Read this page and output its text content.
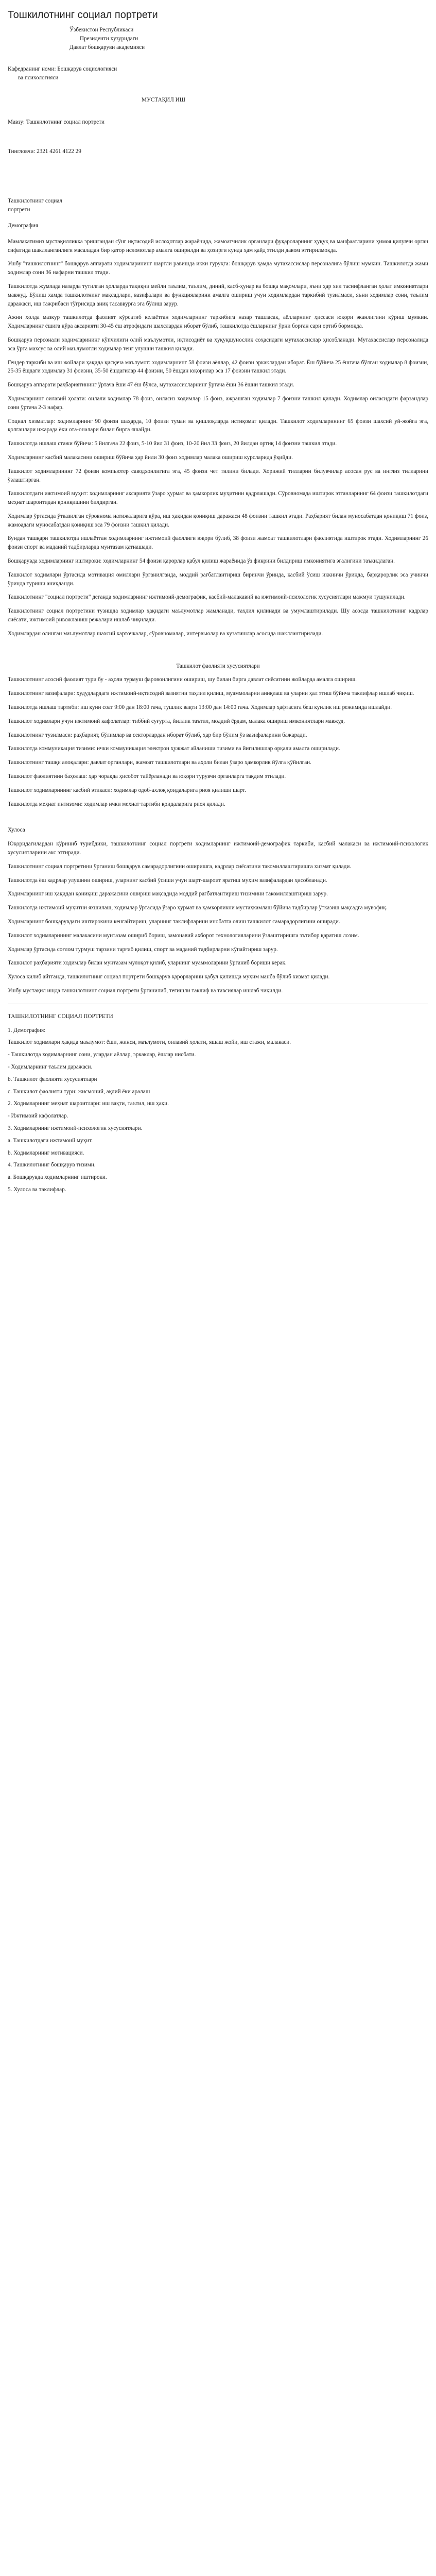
Тошкилотнинг социал портрети

Ўзбекистон Республикаси

Президенти ҳузуридаги

Давлат бошқаруви академияси

Кафедранинг номи: Бошқарув социологияси

ва психологияси

МУСТАҚИЛ ИШ

Мавзу: Ташкилотнинг социал портрети

Тингловчи: 2321 4261 4122 29

Ташкилотнинг социал

портрети

Демография

Мамлакатимиз мустақилликка эришгандан сўнг иқтисодий ислоҳотлар жараёнида, жамоатчилик органлари фуқароларнинг ҳуқуқ ва манфаатларини ҳимоя қилувчи орган сифатида шаклланганлиги масаладан бир қатор исломотлар амалга оширилди ва ҳозирги кунда ҳам қайд этилди давом эттирилмоқда.

Ушбу "ташкилотнинг" бошқарув аппарати ходимларининг шартли равишда икки гуруҳга: бошқарув ҳамда мутахассислар персоналига бўлиш мумкин. Ташкилотда жами ходимлар сони 36 нафарни ташкил этади.

Ташкилотда жумлада назарда тутилган ҳолларда тақиқни мейли таълим, таълим, диний, касб-ҳунар ва бошқа мақомлари, яъни ҳар хил таснифланган ҳолат имкониятлари мавжуд. Бўлиш хамда ташкилотнинг мақсадлари, вазифалари ва функцияларини амалга ошириш учун ходимлардан таркибий тузилмаси, яъни ходимлар сони, таълим даражаси, иш тажрибаси тўғрисида аниқ тасаввурга эга бўлиш зарур.

Ажни ҳолда мазкур ташкилотда фаолият кўрсатиб келаётган ходимларнинг таркибига назар ташласак, аёлларнинг ҳиссаси юқори эканлигини кўриш мумкин. Ходимларнинг ёшига кўра аксарияти 30-45 ёш атрофидаги шахслардан иборат бўлиб, ташкилотда ёшларнинг ўрни борган сари ортиб бормоқда.

Бошқарув персонали ходимларининг кўпчилиги олий маълумотли, иқтисодиёт ва ҳуқуқшунослик соҳасидаги мутахассислар ҳисобланади. Мутахассислар персоналида эса ўрта махсус ва олий маълумотли ходимлар тенг улушни ташкил қилади.

Гендер таркиби ва иш жойлари ҳақида қисқача маълумот: ходимларнинг 58 фоизи аёллар, 42 фоизи эркаклардан иборат. Ёш бўйича 25 ёшгача бўлган ходимлар 8 фоизни, 25-35 ёшдаги ходимлар 31 фоизни, 35-50 ёшдагилар 44 фоизни, 50 ёшдан юқорилар эса 17 фоизни ташкил этади.

Бошқарув аппарати раҳбариятининг ўртача ёши 47 ёш бўлса, мутахассисларнинг ўртача ёши 36 ёшни ташкил этади.

Ходимларнинг оилавий ҳолати: оилали ходимлар 78 фоиз, оиласиз ходимлар 15 фоиз, ажрашган ходимлар 7 фоизни ташкил қилади. Ходимлар оиласидаги фарзандлар сони ўртача 2-3 нафар.

Социал хизматлар: ходимларнинг 90 фоизи шаҳарда, 10 фоизи туман ва қишлоқларда истиқомат қилади. Ташкилот ходимларининг 65 фоизи шахсий уй-жойга эга, қолганлари ижарада ёки ота-оналари билан бирга яшайди.

Ташкилотда ишлаш стажи бўйича: 5 йилгача 22 фоиз, 5-10 йил 31 фоиз, 10-20 йил 33 фоиз, 20 йилдан ортиқ 14 фоизни ташкил этади.

Ходимларнинг касбий малакасини ошириш бўйича ҳар йили 30 фоиз ходимлар малака ошириш курсларида ўқийди.

Ташкилот ходимларининг 72 фоизи компьютер саводхонлигига эга, 45 фоизи чет тилини билади. Хорижий тилларни билувчилар асосан рус ва инглиз тилларини ўзлаштирган.

Ташкилотдаги ижтимоий муҳит: ходимларнинг аксарияти ўзаро ҳурмат ва ҳамкорлик муҳитини қадрлашади. Сўровномада иштирок этганларнинг 64 фоизи ташкилотдаги меҳнат шароитидан қониқишини билдирган.

Ходимлар ўртасида ўтказилган сўровнома натижаларига кўра, иш ҳақидан қониқиш даражаси 48 фоизни ташкил этади. Раҳбарият билан муносабатдан қониқиш 71 фоиз, жамоадаги муносабатдан қониқиш эса 79 фоизни ташкил қилади.

Бундан ташқари ташкилотда ишлаётган ходимларнинг ижтимоий фаоллиги юқори бўлиб, 38 фоизи жамоат ташкилотлари фаолиятида иштирок этади. Ходимларнинг 26 фоизи спорт ва маданий тадбирларда мунтазам қатнашади.

Бошқарувда ходимларнинг иштироки: ходимларнинг 54 фоизи қарорлар қабул қилиш жараёнида ўз фикрини билдириш имкониятига эгалигини таъкидлаган.

Ташкилот ходимлари ўртасида мотивация омиллари ўрганилганда, моддий рағбатлантириш биринчи ўринда, касбий ўсиш иккинчи ўринда, барқарорлик эса учинчи ўринда туриши аниқланди.

Ташкилотнинг "социал портрети" деганда ходимларнинг ижтимоий-демографик, касбий-малакавий ва ижтимоий-психологик хусусиятлари мажмуи тушунилади.

Ташкилотнинг социал портретини тузишда ходимлар ҳақидаги маълумотлар жамланади, таҳлил қилинади ва умумлаштирилади. Шу асосда ташкилотнинг кадрлар сиёсати, ижтимоий ривожланиш режалари ишлаб чиқилади.

Ходимлардан олинган маълумотлар шахсий карточкалар, сўровномалар, интервьюлар ва кузатишлар асосида шакллантирилади.

Ташкилот фаолияти хусусиятлари

Ташкилотнинг асосий фаолият тури бу - аҳоли турмуш фаровонлигини ошириш, шу билан бирга давлат сиёсатини жойларда амалга ошириш.

Ташкилотнинг вазифалари: ҳудудлардаги ижтимоий-иқтисодий вазиятни таҳлил қилиш, муаммоларни аниқлаш ва уларни ҳал этиш бўйича таклифлар ишлаб чиқиш.

Ташкилотда ишлаш тартиби: иш куни соат 9:00 дан 18:00 гача, тушлик вақти 13:00 дан 14:00 гача. Ходимлар ҳафтасига беш кунлик иш режимида ишлайди.

Ташкилот ходимлари учун ижтимоий кафолатлар: тиббий суғурта, йиллик таътил, моддий ёрдам, малака ошириш имкониятлари мавжуд.

Ташкилотнинг тузилмаси: раҳбарият, бўлимлар ва секторлардан иборат бўлиб, ҳар бир бўлим ўз вазифаларини бажаради.

Ташкилотда коммуникация тизими: ички коммуникация электрон ҳужжат айланиши тизими ва йиғилишлар орқали амалга оширилади.

Ташкилотнинг ташқи алоқалари: давлат органлари, жамоат ташкилотлари ва аҳоли билан ўзаро ҳамкорлик йўлга қўйилган.

Ташкилот фаолиятини баҳолаш: ҳар чоракда ҳисобот тайёрланади ва юқори турувчи органларга тақдим этилади.

Ташкилот ходимларининг касбий этикаси: ходимлар одоб-ахлоқ қоидаларига риоя қилиши шарт.

Ташкилотда меҳнат интизоми: ходимлар ички меҳнат тартиби қоидаларига риоя қилади.

Хулоса

Юқоридагилардан кўриниб турибдики, ташкилотнинг социал портрети ходимларнинг ижтимоий-демографик таркиби, касбий малакаси ва ижтимоий-психологик хусусиятларини акс эттиради.

Ташкилотнинг социал портретини ўрганиш бошқарув самарадорлигини оширишга, кадрлар сиёсатини такомиллаштиришга хизмат қилади.

Ташкилотда ёш кадрлар улушини ошириш, уларнинг касбий ўсиши учун шарт-шароит яратиш муҳим вазифалардан ҳисобланади.

Ходимларнинг иш ҳақидан қониқиш даражасини ошириш мақсадида моддий рағбатлантириш тизимини такомиллаштириш зарур.

Ташкилотда ижтимоий муҳитни яхшилаш, ходимлар ўртасида ўзаро ҳурмат ва ҳамкорликни мустаҳкамлаш бўйича тадбирлар ўтказиш мақсадга мувофиқ.

Ходимларнинг бошқарувдаги иштирокини кенгайтириш, уларнинг таклифларини инобатга олиш ташкилот самарадорлигини оширади.

Ташкилот ходимларининг малакасини мунтазам ошириб бориш, замонавий ахборот технологияларини ўзлаштиришга эътибор қаратиш лозим.

Ходимлар ўртасида соғлом турмуш тарзини тарғиб қилиш, спорт ва маданий тадбирларни кўпайтириш зарур.

Ташкилот раҳбарияти ходимлар билан мунтазам мулоқот қилиб, уларнинг муаммоларини ўрганиб бориши керак.

Хулоса қилиб айтганда, ташкилотнинг социал портрети бошқарув қарорларини қабул қилишда муҳим манба бўлиб хизмат қилади.

Ушбу мустақил ишда ташкилотнинг социал портрети ўрганилиб, тегишли таклиф ва тавсиялар ишлаб чиқилди.

ТАШКИЛОТНИНГ СОЦИАЛ ПОРТРЕТИ

1. Демография:

Ташкилот ходимлари ҳақида маълумот: ёши, жинси, маълумоти, оилавий ҳолати, яшаш жойи, иш стажи, малакаси.

- Ташкилотда ходимларнинг сони, улардан аёллар, эркаклар, ёшлар нисбати.

- Ходимларнинг таълим даражаси.

b. Ташкилот фаолияти хусусиятлари

c. Ташкилот фаолияти тури: жисмоний, ақлий ёки аралаш

2. Ходимларнинг меҳнат шароитлари: иш вақти, таътил, иш ҳақи.

- Ижтимоий кафолатлар.

3. Ходимларнинг ижтимоий-психологик хусусиятлари.

a. Ташкилотдаги ижтимоий муҳит.

b. Ходимларнинг мотивацияси.

4. Ташкилотнинг бошқарув тизими.

a. Бошқарувда ходимларнинг иштироки.

5. Хулоса ва таклифлар.
